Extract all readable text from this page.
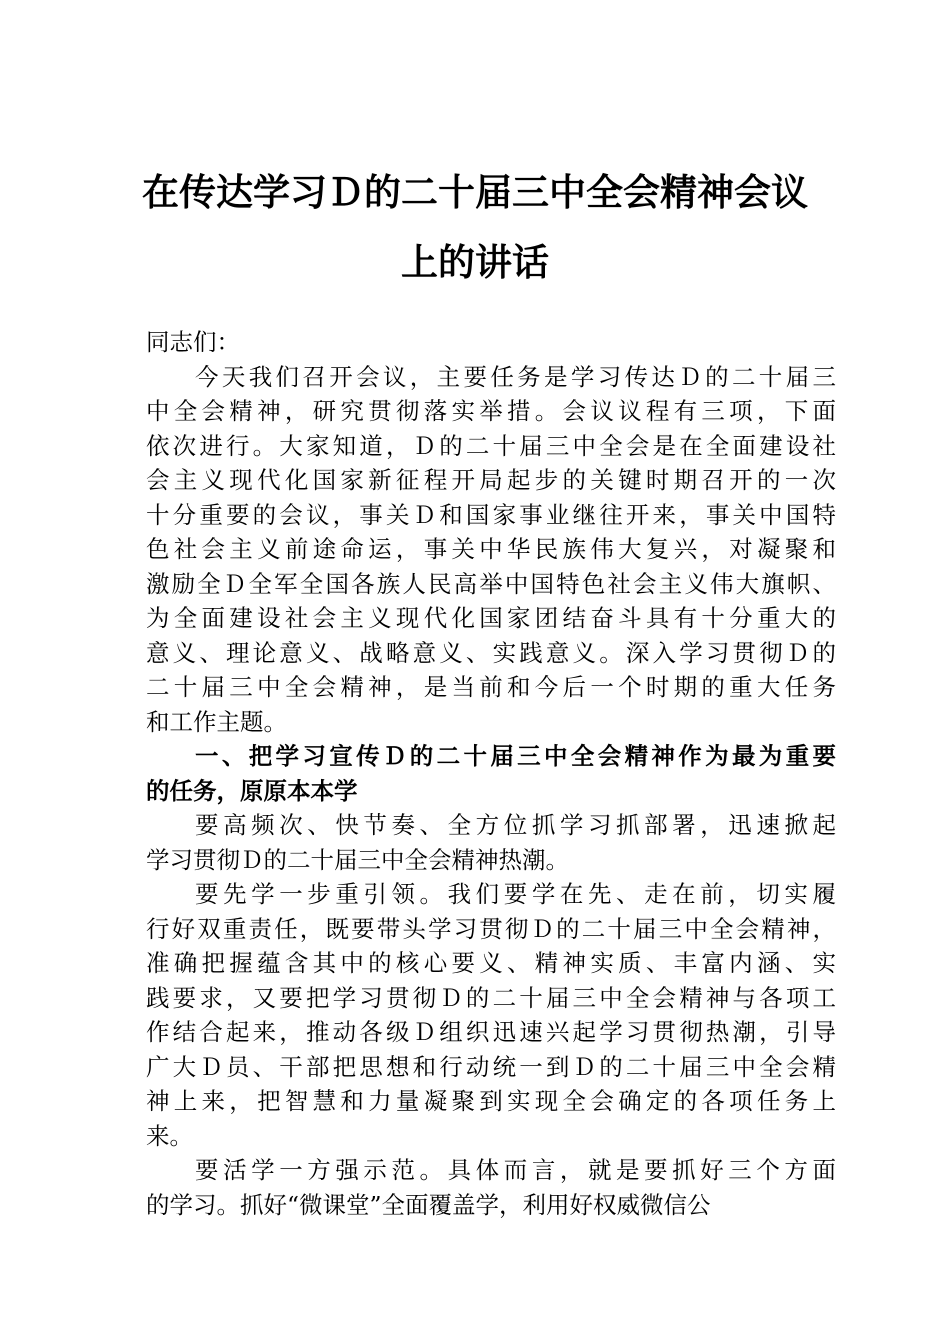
在传达学习Ｄ的二十届三中全会精神会议
上的讲话
同志们：
今天我们召开会议，主要任务是学习传达Ｄ的二十届三
中全会精神，研究贯彻落实举措。会议议程有三项，下面
依次进行。大家知道，Ｄ的二十届三中全会是在全面建设社
会主义现代化国家新征程开局起步的关键时期召开的一次
十分重要的会议，事关Ｄ和国家事业继往开来，事关中国特
色社会主义前途命运，事关中华民族伟大复兴，对凝聚和
激励全Ｄ全军全国各族人民高举中国特色社会主义伟大旗帜、
为全面建设社会主义现代化国家团结奋斗具有十分重大的
意义、理论意义、战略意义、实践意义。深入学习贯彻Ｄ的
二十届三中全会精神，是当前和今后一个时期的重大任务
和工作主题。
一、把学习宣传Ｄ的二十届三中全会精神作为最为重要
的任务，原原本本学
要高频次、快节奏、全方位抓学习抓部署，迅速掀起
学习贯彻Ｄ的二十届三中全会精神热潮。
要先学一步重引领。我们要学在先、走在前，切实履
行好双重责任，既要带头学习贯彻Ｄ的二十届三中全会精神，
准确把握蕴含其中的核心要义、精神实质、丰富内涵、实
践要求，又要把学习贯彻Ｄ的二十届三中全会精神与各项工
作结合起来，推动各级Ｄ组织迅速兴起学习贯彻热潮，引导
广大Ｄ员、干部把思想和行动统一到Ｄ的二十届三中全会精
神上来，把智慧和力量凝聚到实现全会确定的各项任务上
来。
要活学一方强示范。具体而言，就是要抓好三个方面
的学习。抓好“微课堂”全面覆盖学，利用好权威微信公
